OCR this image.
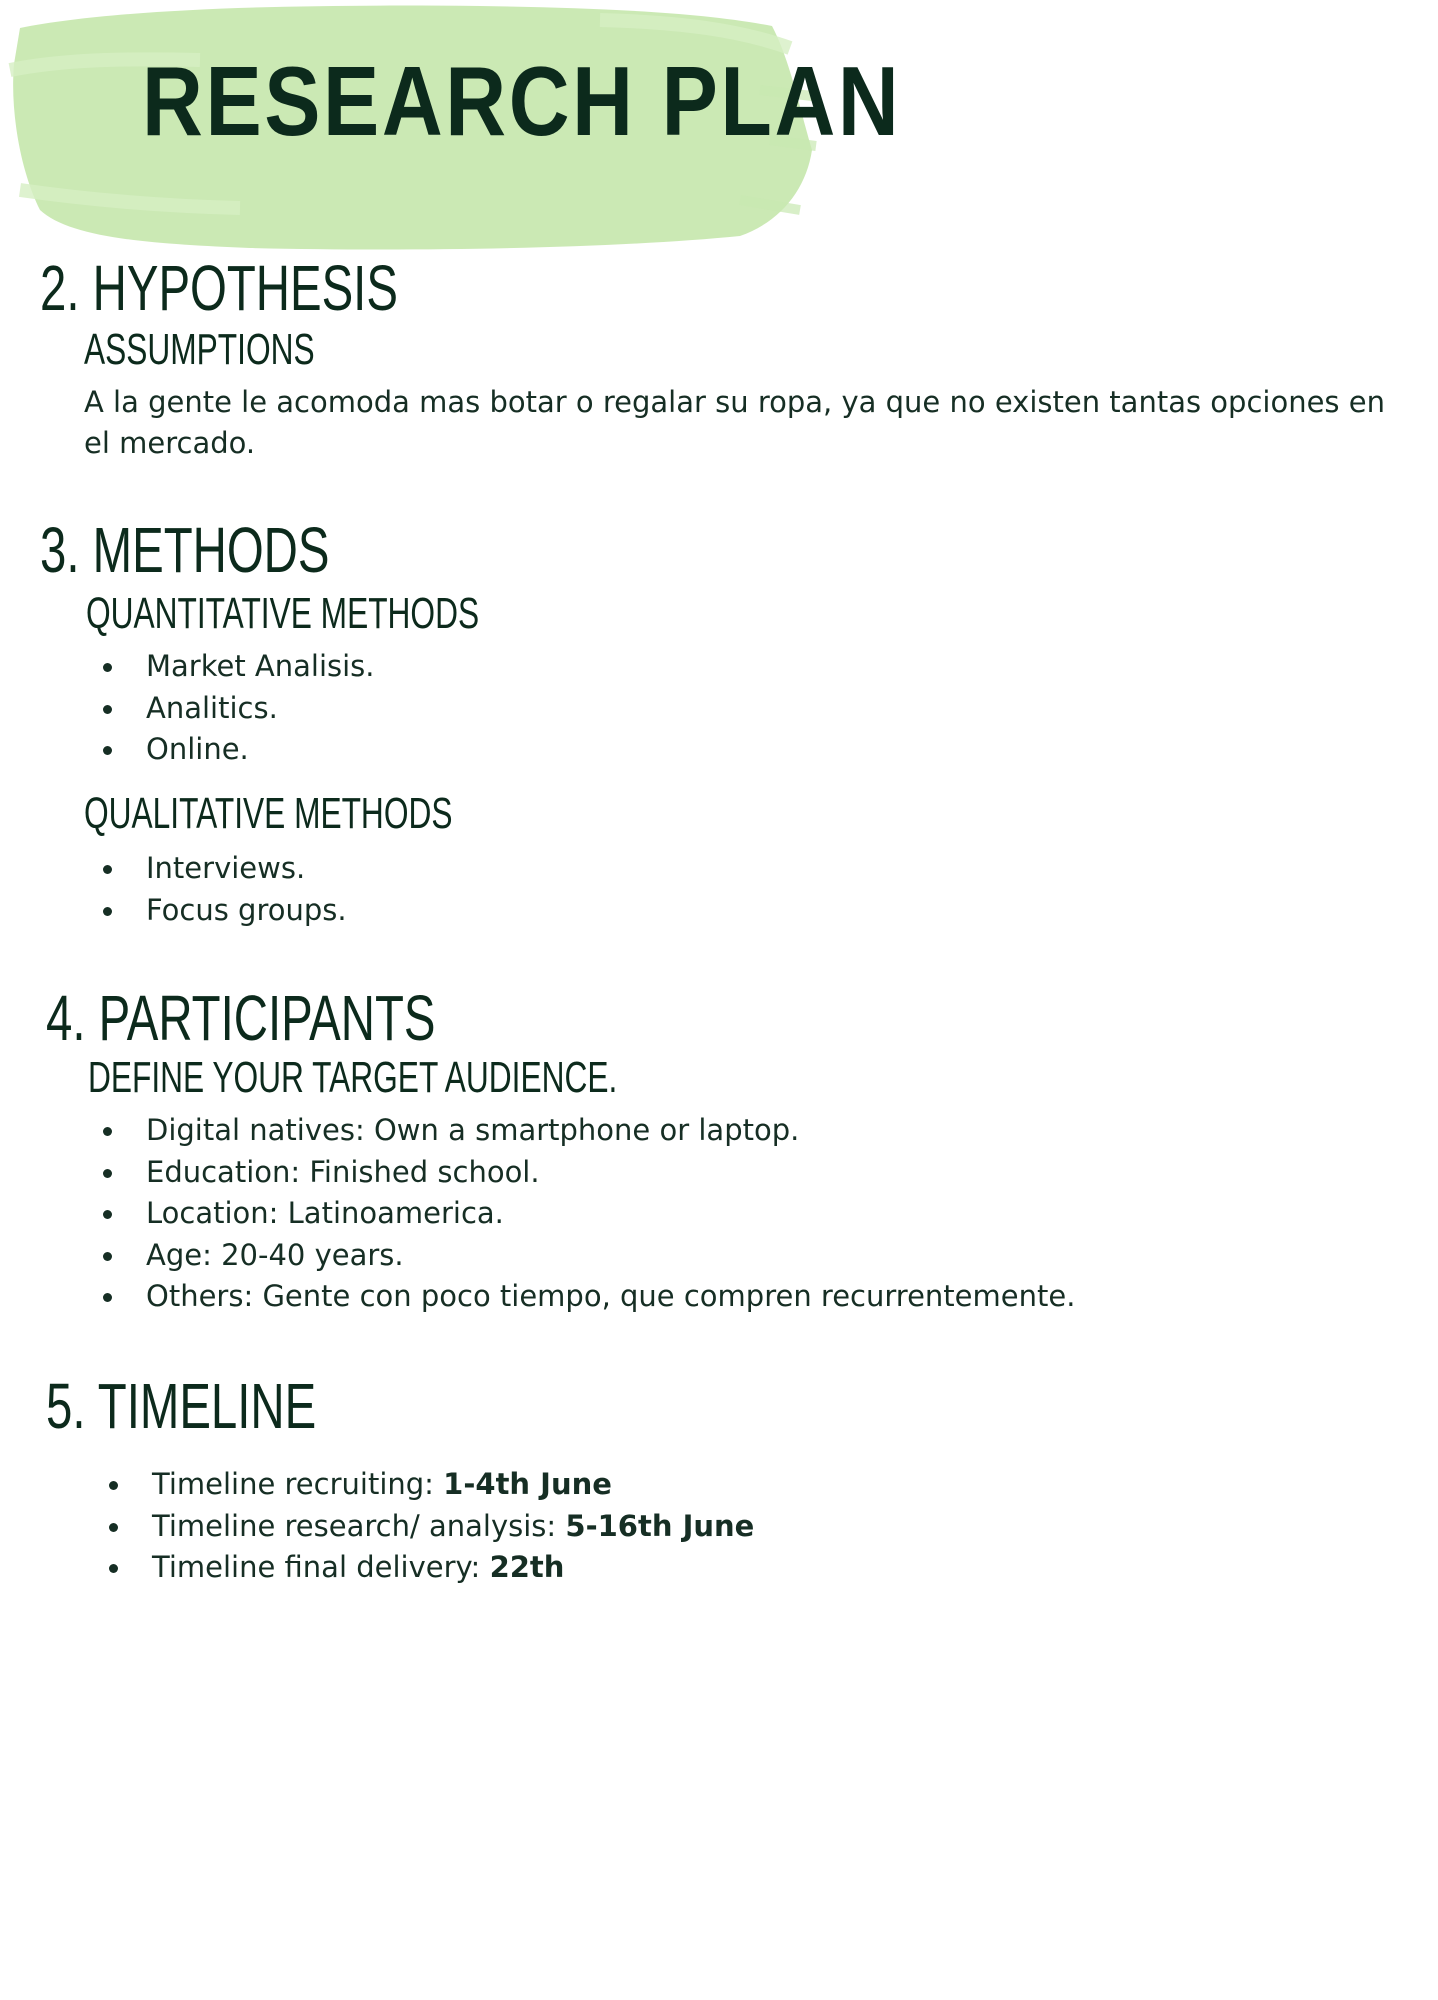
RESEARCH PLAN
2. HYPOTHESIS
ASSUMPTIONS

A la gente le acomoda mas botar o regalar su ropa, ya que no existen tantas opciones en el mercado.

3. METHODS
QUANTITATIVE METHODS
Market Analisis.
Analitics.
Online.
QUALITATIVE METHODS
Interviews.
Focus groups.
4. PARTICIPANTS
DEFINE YOUR TARGET AUDIENCE.
Digital natives: Own a smartphone or laptop.
Education: Finished school.
Location: Latinoamerica.
Age: 20-40 years.
Others: Gente con poco tiempo, que compren recurrentemente.
5. TIMELINE
Timeline recruiting: 1-4th June
Timeline research/ analysis: 5-16th June
Timeline final delivery: 22th
